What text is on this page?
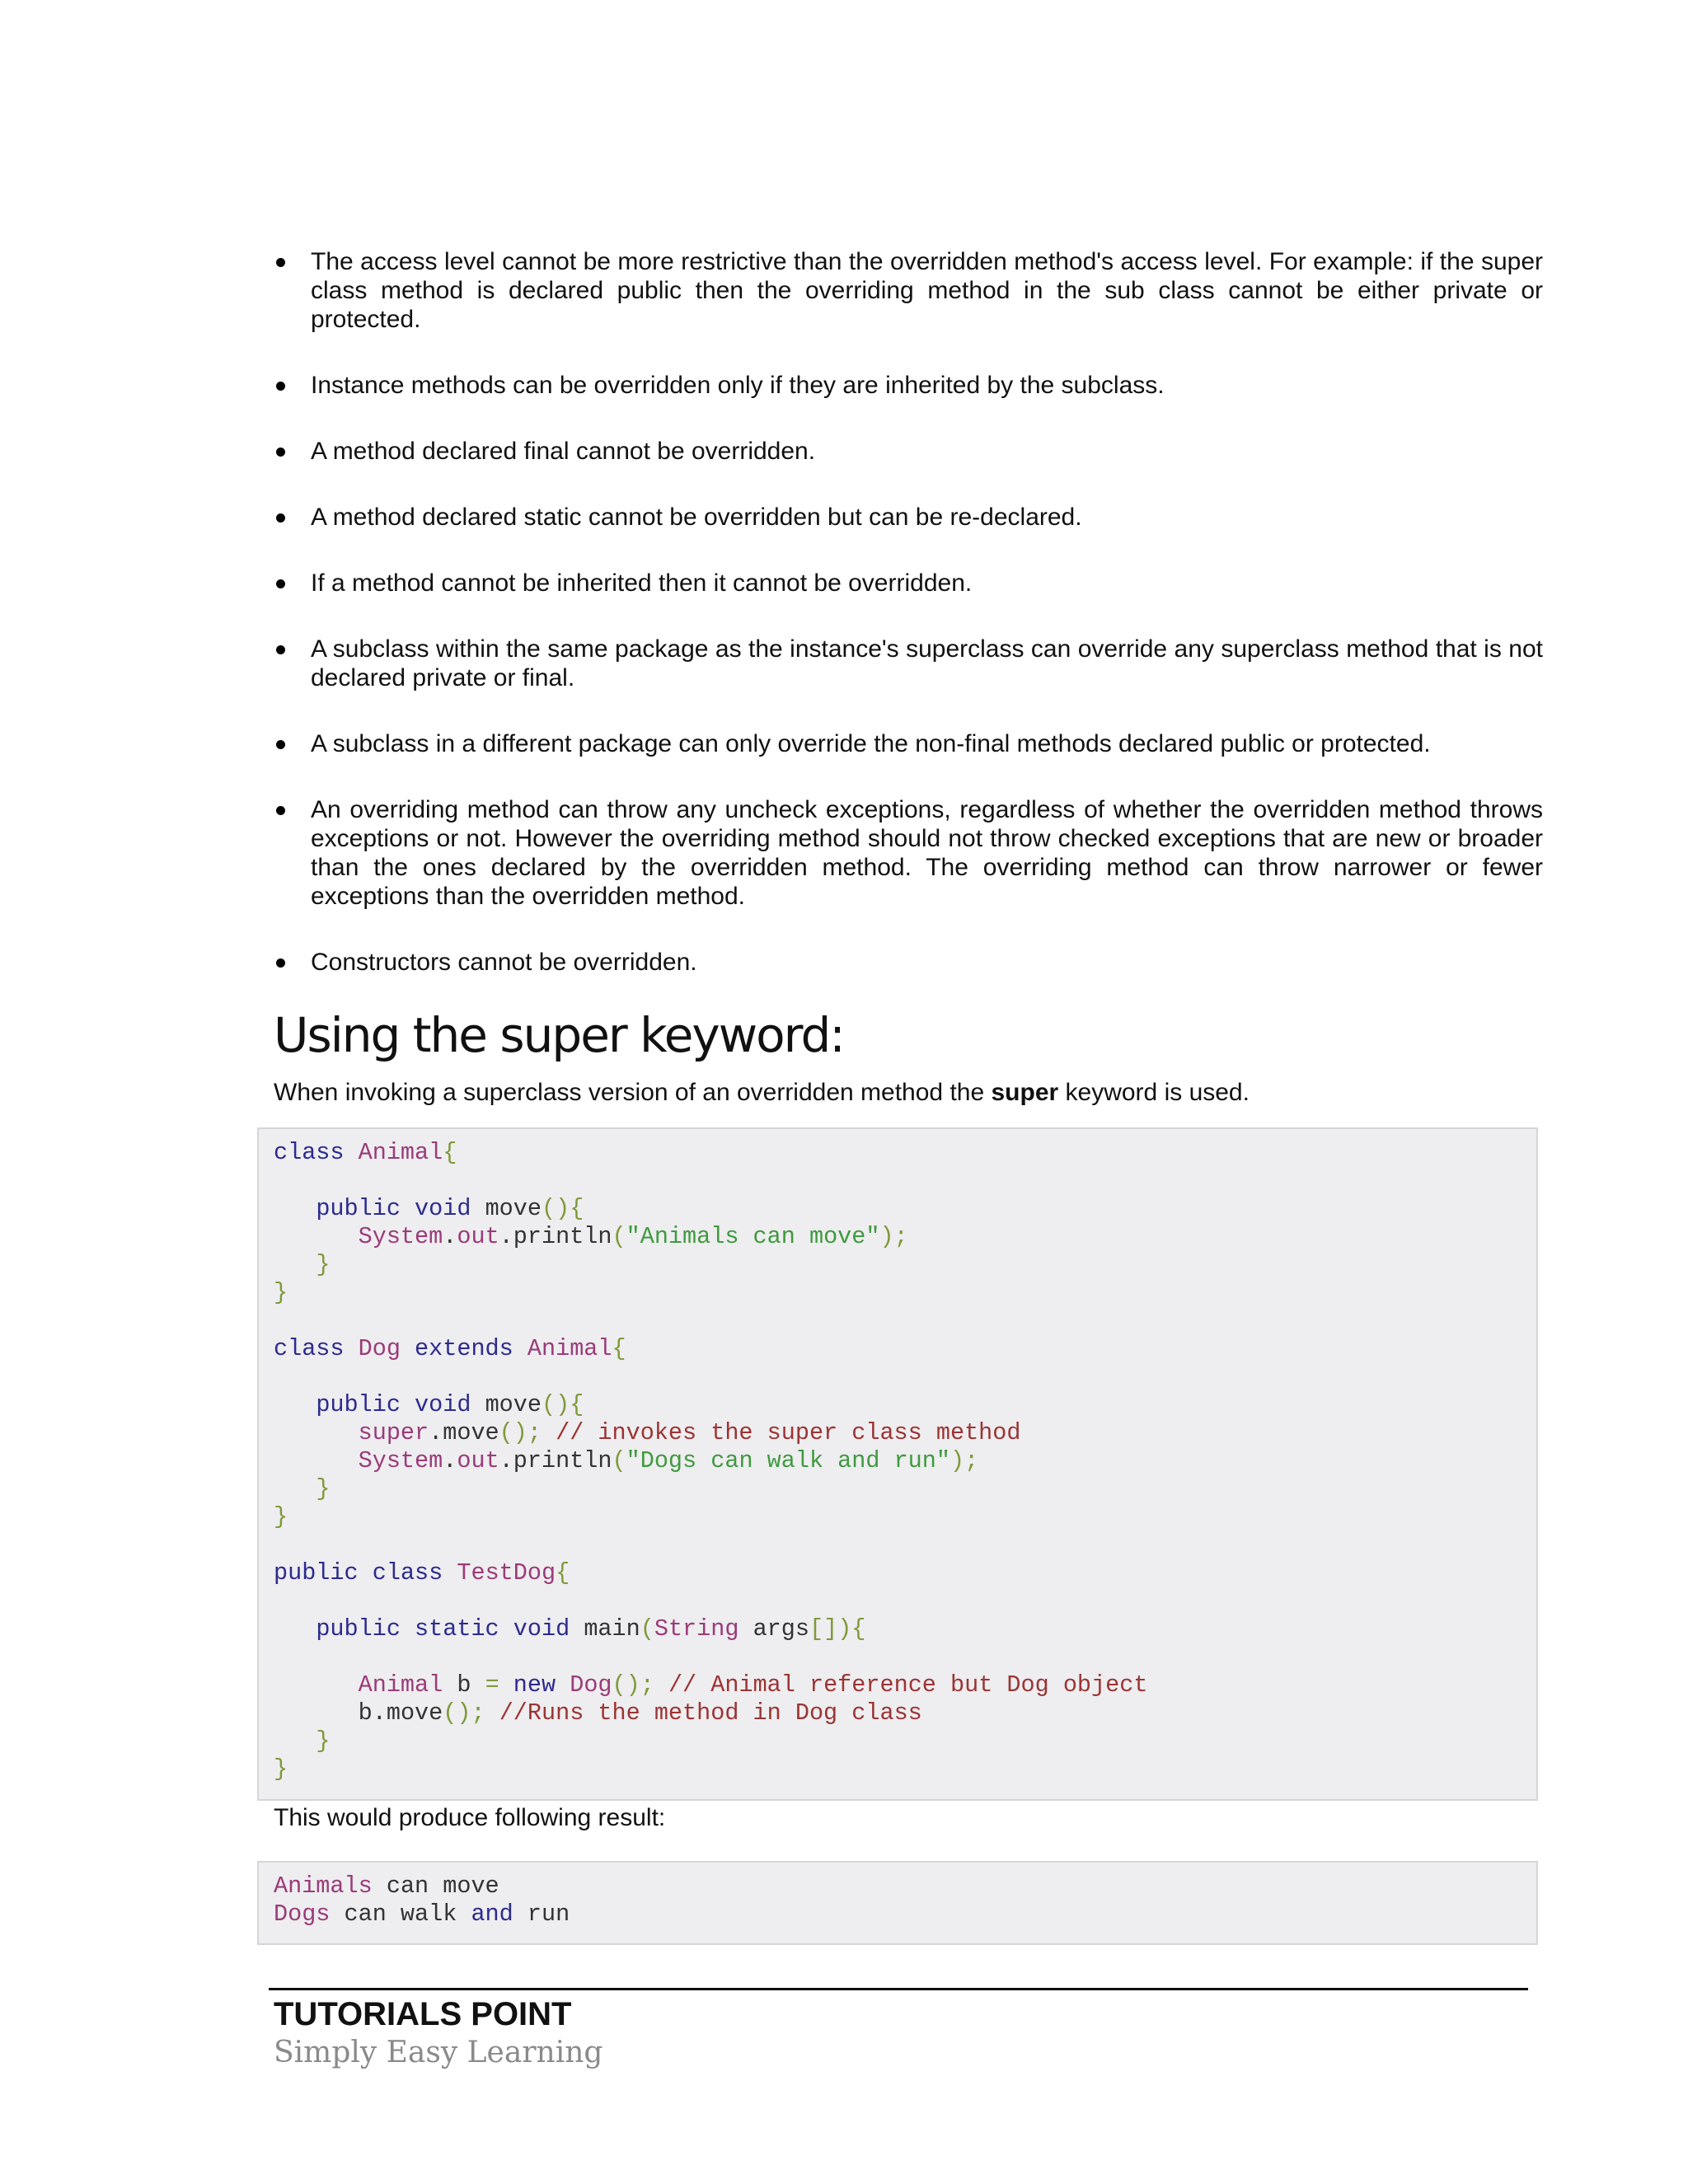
The access level cannot be more restrictive than the overridden method's access level. For example: if the super class method is declared public then the overriding method in the sub class cannot be either private or protected.
Instance methods can be overridden only if they are inherited by the subclass.
A method declared final cannot be overridden.
A method declared static cannot be overridden but can be re-declared.
If a method cannot be inherited then it cannot be overridden.
A subclass within the same package as the instance's superclass can override any superclass method that is not declared private or final.
A subclass in a different package can only override the non-final methods declared public or protected.
An overriding method can throw any uncheck exceptions, regardless of whether the overridden method throws exceptions or not. However the overriding method should not throw checked exceptions that are new or broader than the ones declared by the overridden method. The overriding method can throw narrower or fewer exceptions than the overridden method.
Constructors cannot be overridden.
Using the super keyword:

When invoking a superclass version of an overridden method the super keyword is used.

class Animal{

public void move(){
System.out.println("Animals can move");
}
}

class Dog extends Animal{

public void move(){
super.move(); // invokes the super class method
System.out.println("Dogs can walk and run");
}
}

public class TestDog{

public static void main(String args[]){

Animal b = new Dog(); // Animal reference but Dog object
b.move(); //Runs the method in Dog class
}
}

This would produce following result:

Animals can move
Dogs can walk and run
TUTORIALS POINT
Simply Easy Learning
